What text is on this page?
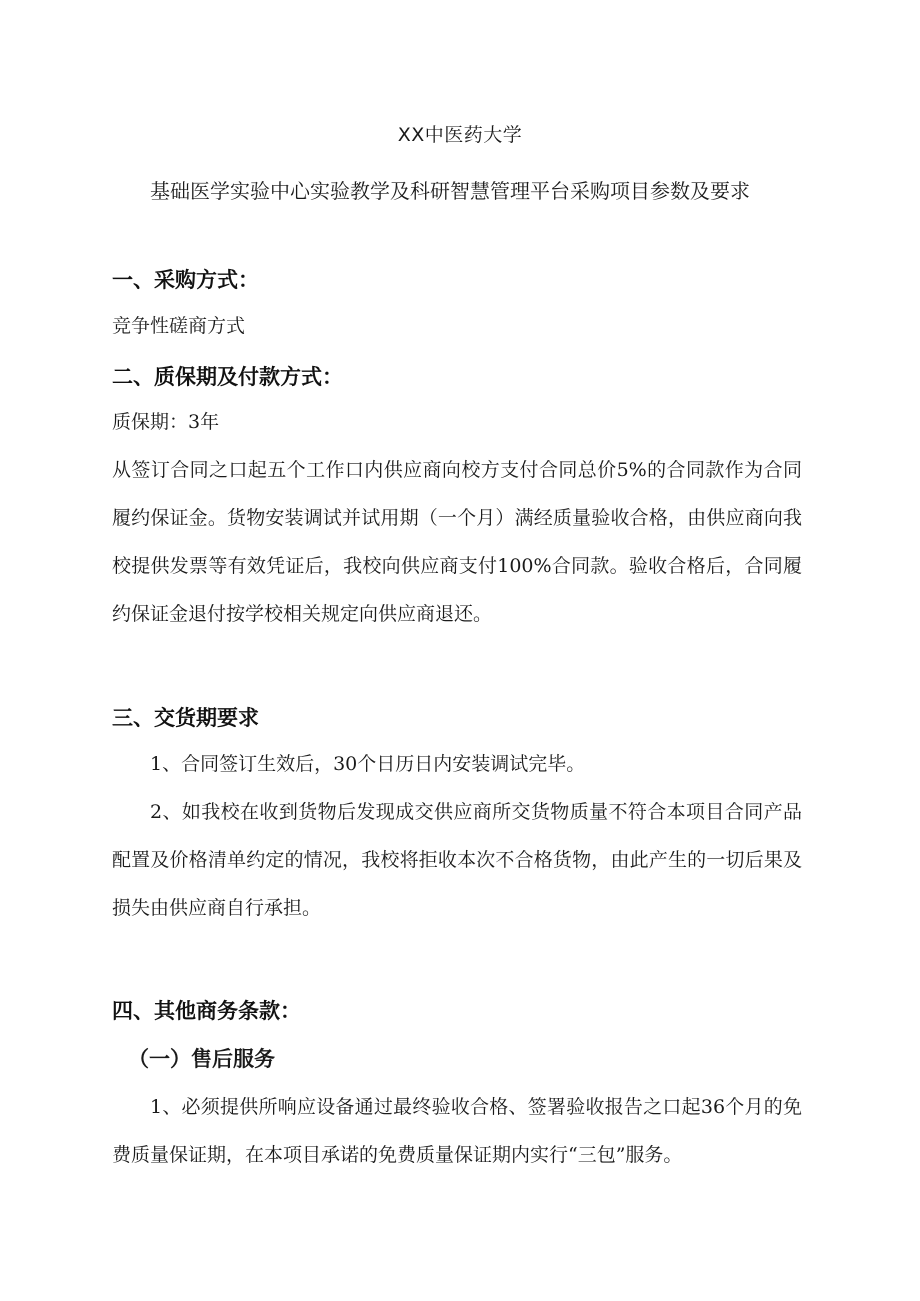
XX中医药大学
基础医学实验中心实验教学及科研智慧管理平台采购项目参数及要求
一、采购方式：
竞争性磋商方式
二、质保期及付款方式：
质保期：3年
从签订合同之口起五个工作口内供应商向校方支付合同总价5%的合同款作为合同履约保证金。货物安装调试并试用期（一个月）满经质量验收合格，由供应商向我校提供发票等有效凭证后，我校向供应商支付100%合同款。验收合格后，合同履约保证金退付按学校相关规定向供应商退还。
三、交货期要求
1、合同签订生效后，30个日历日内安装调试完毕。
2、如我校在收到货物后发现成交供应商所交货物质量不符合本项目合同产品配置及价格清单约定的情况，我校将拒收本次不合格货物，由此产生的一切后果及损失由供应商自行承担。
四、其他商务条款：
（一）售后服务
1、必须提供所响应设备通过最终验收合格、签署验收报告之口起36个月的免费质量保证期，在本项目承诺的免费质量保证期内实行“三包”服务。
